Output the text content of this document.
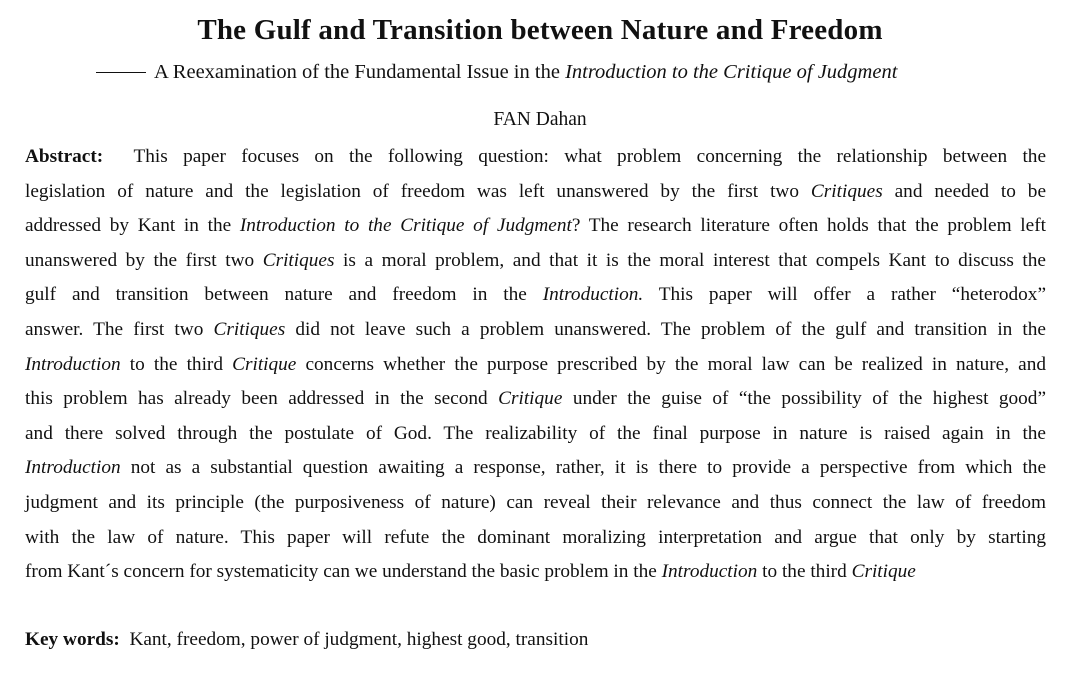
The Gulf and Transition between Nature and Freedom
A Reexamination of the Fundamental Issue in the Introduction to the Critique of Judgment
FAN Dahan
Abstract:  This paper focuses on the following question: what problem concerning the relationship between the
legislation of nature and the legislation of freedom was left unanswered by the first two Critiques and needed to be
addressed by Kant in the Introduction to the Critique of Judgment? The research literature often holds that the problem left
unanswered by the first two Critiques is a moral problem, and that it is the moral interest that compels Kant to discuss the
gulf and transition between nature and freedom in the Introduction. This paper will offer a rather “heterodox”
answer. The first two Critiques did not leave such a problem unanswered. The problem of the gulf and transition in the
Introduction to the third Critique concerns whether the purpose prescribed by the moral law can be realized in nature, and
this problem has already been addressed in the second Critique under the guise of “the possibility of the highest good”
and there solved through the postulate of God. The realizability of the final purpose in nature is raised again in the
Introduction not as a substantial question awaiting a response, rather, it is there to provide a perspective from which the
judgment and its principle (the purposiveness of nature) can reveal their relevance and thus connect the law of freedom
with the law of nature. This paper will refute the dominant moralizing interpretation and argue that only by starting
from Kant´s concern for systematicity can we understand the basic problem in the Introduction to the third Critique
Key words:  Kant, freedom, power of judgment, highest good, transition
